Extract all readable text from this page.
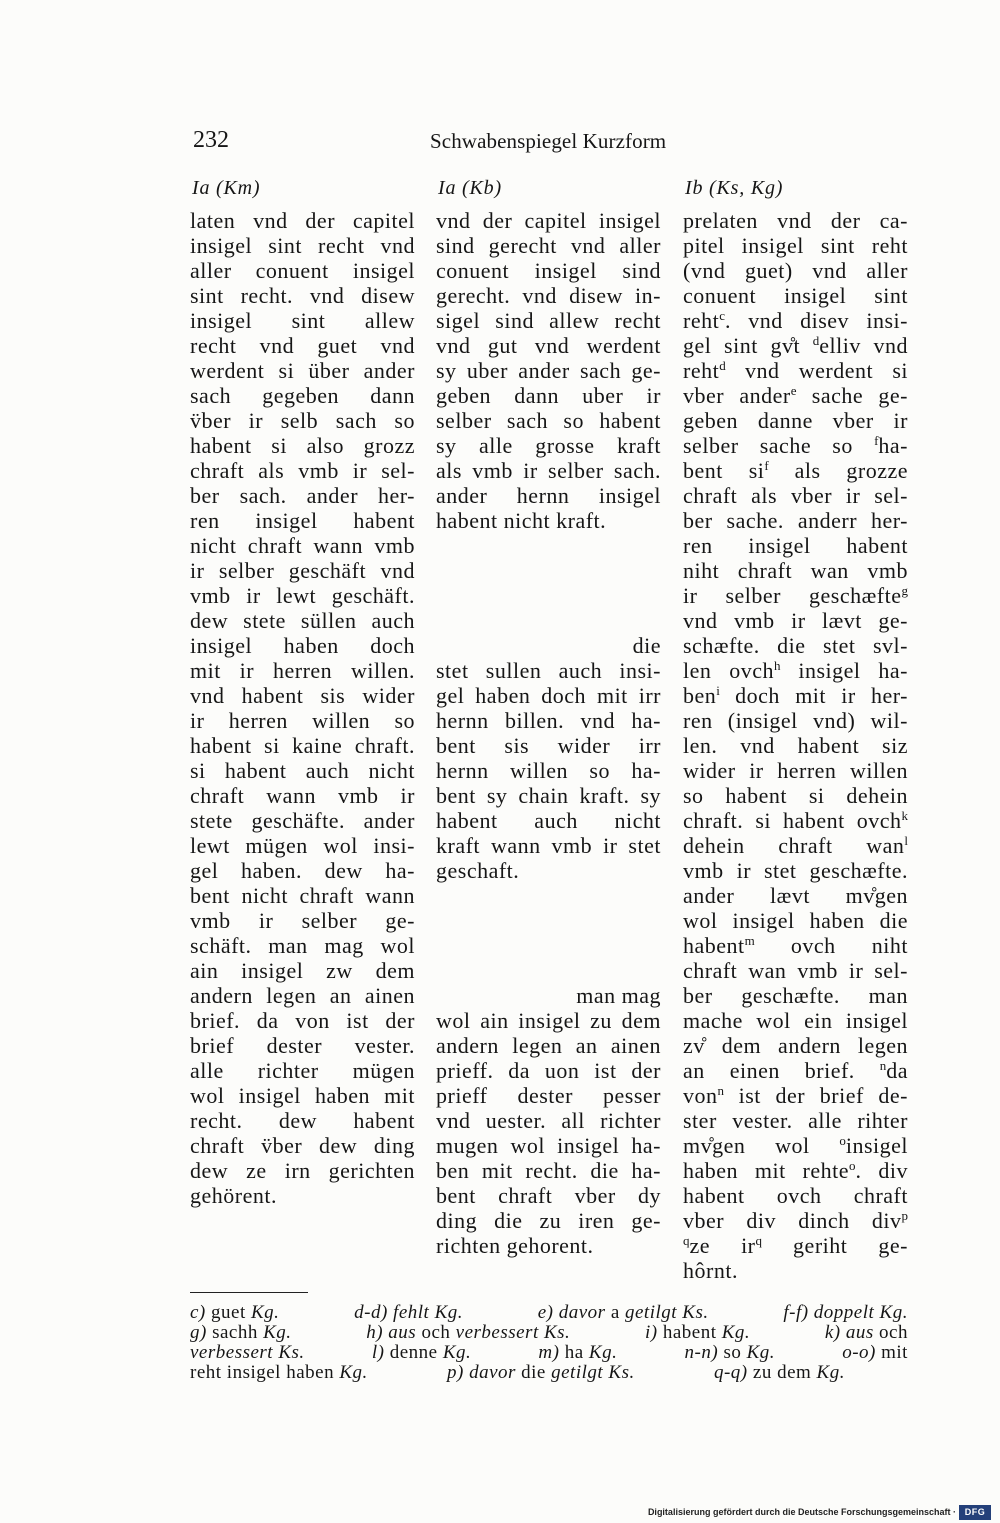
232	Schwabenspiegel Kurzform
Ia (Km)
laten vnd der capitel
insigel sint recht vnd
aller conuent insigel
sint recht. vnd disew
insigel sint allew
recht vnd guet vnd
werdent si über ander
sach gegeben dann
v̈ber ir selb sach so
habent si also grozz
chraft als vmb ir sel-
ber sach. ander her-
ren insigel habent
nicht chraft wann vmb
ir selber geschäft vnd
vmb ir lewt geschäft.
dew stete süllen auch
insigel haben doch
mit ir herren willen.
vnd habent sis wider
ir herren willen so
habent si kaine chraft.
si habent auch nicht
chraft wann vmb ir
stete geschäfte. ander
lewt mügen wol insi-
gel haben. dew ha-
bent nicht chraft wann
vmb ir selber ge-
schäft. man mag wol
ain insigel zw dem
andern legen an ainen
brief. da von ist der
brief dester vester.
alle richter mügen
wol insigel haben mit
recht. dew habent
chraft v̈ber dew ding
dew ze irn gerichten
gehörent.
Ia (Kb)
vnd der capitel insigel
sind gerecht vnd aller
conuent insigel sind
gerecht. vnd disew in-
sigel sind allew recht
vnd gut vnd werdent
sy uber ander sach ge-
geben dann uber ir
selber sach so habent
sy alle grosse kraft
als vmb ir selber sach.
ander hernn insigel
habent nicht kraft.
die
stet sullen auch insi-
gel haben doch mit irr
hernn billen. vnd ha-
bent sis wider irr
hernn willen so ha-
bent sy chain kraft. sy
habent auch nicht
kraft wann vmb ir stet
geschaft.
man mag
wol ain insigel zu dem
andern legen an ainen
prieff. da uon ist der
prieff dester pesser
vnd uester. all richter
mugen wol insigel ha-
ben mit recht. die ha-
bent chraft vber dy
ding die zu iren ge-
richten gehorent.
Ib (Ks, Kg)
prelaten vnd der ca-
pitel insigel sint reht
(vnd guet) vnd aller
conuent insigel sint
reht$^c$. vnd disev insi-
gel sint gv̊t $^d$elliv vnd
reht$^d$ vnd werdent si
vber ander$^e$ sache ge-
geben danne vber ir
selber sache so $^f$ha-
bent $si^f$ als grozze
chraft als vber ir sel-
ber sache. anderr her-
ren insigel habent
niht chraft wan vmb
ir selber geschæfte$^g$
vnd vmb ir lævt ge-
schæfte. die stet svl-
len ovch$^h$ insigel ha-
ben$^i$ doch mit ir her-
ren (insigel vnd) wil-
len. vnd habent siz
wider ir herren willen
so habent si dehein
chraft. si habent ovch$^k$
dehein chraft wan$^l$
vmb ir stet geschæfte.
ander lævt mv̊gen
wol insigel haben die
habent$^m$ ovch niht
chraft wan vmb ir sel-
ber geschæfte. man
mache wol ein insigel
zv̊ dem andern legen
an einen brief. $^n$da
von$^n$ ist der brief de-
ster vester. alle rihter
mv̊gen wol $^o$insigel
haben mit rehte$^o$. div
habent ovch chraft
vber div dinch div$^p$
$^q$ze $ir^q$ geriht ge-
hôrnt.
c) guet Kg.	d-d) fehlt Kg.	e) davor a getilgt Ks.	f-f) doppelt Kg.
g) sachh Kg.	h) aus och verbessert Ks.	i) habent Kg.	k) aus och
verbessert Ks.	l) denne Kg.	m) ha Kg.	n-n) so Kg.	o-o) mit
reht insigel haben Kg.	p) davor die getilgt Ks.	q-q) zu dem Kg.
Digitalisierung gefördert durch die Deutsche Forschungsgemeinschaft · DFG
